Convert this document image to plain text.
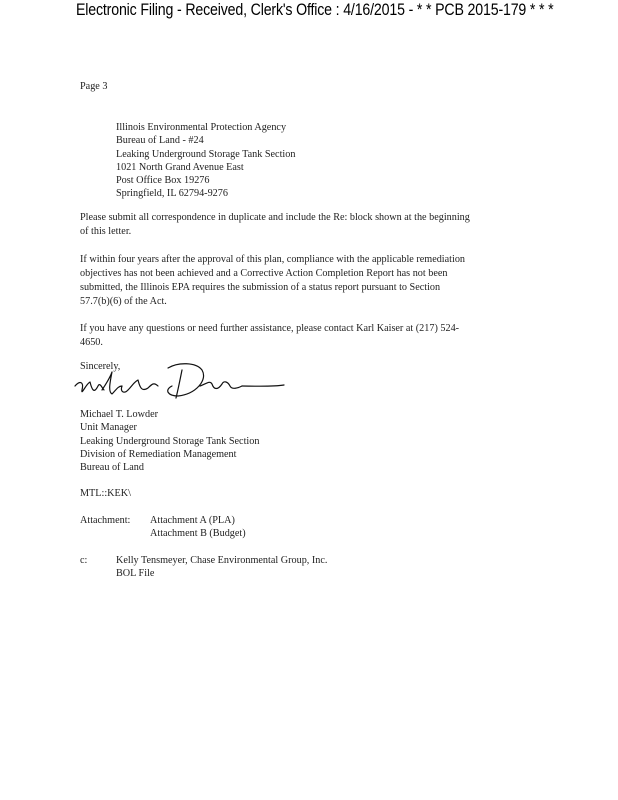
Electronic Filing - Received, Clerk's Office : 4/16/2015 - * * PCB 2015-179 * * *
Page 3
Illinois Environmental Protection Agency
Bureau of Land - #24
Leaking Underground Storage Tank Section
1021 North Grand Avenue East
Post Office Box 19276
Springfield, IL 62794-9276
Please submit all correspondence in duplicate and include the Re: block shown at the beginning
of this letter.
If within four years after the approval of this plan, compliance with the applicable remediation
objectives has not been achieved and a Corrective Action Completion Report has not been
submitted, the Illinois EPA requires the submission of a status report pursuant to Section
57.7(b)(6) of the Act.
If you have any questions or need further assistance, please contact Karl Kaiser at (217) 524-
4650.
Sincerely,
Michael T. Lowder
Unit Manager
Leaking Underground Storage Tank Section
Division of Remediation Management
Bureau of Land
MTL::KEK\
Attachment: Attachment A (PLA)
Attachment B (Budget)
c:	Kelly Tensmeyer, Chase Environmental Group, Inc.
BOL File
